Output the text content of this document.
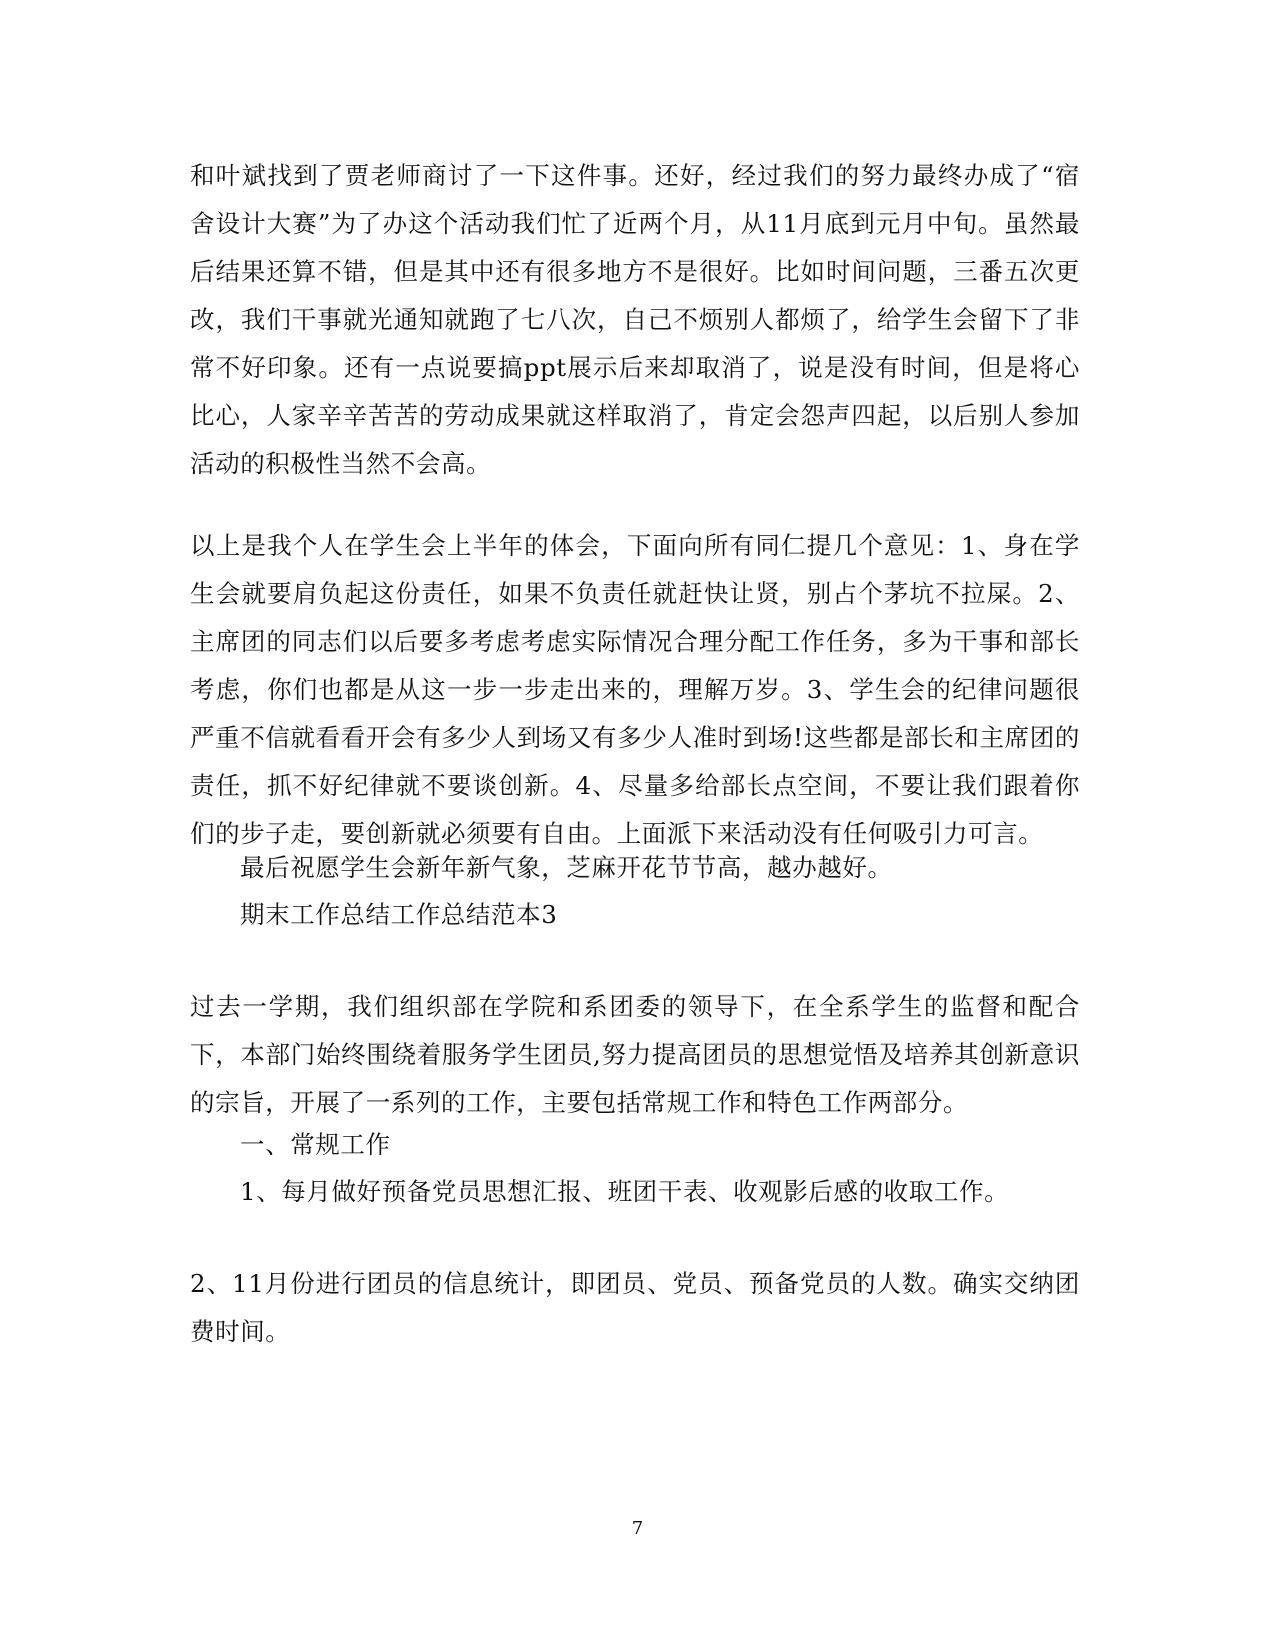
和叶斌找到了贾老师商讨了一下这件事。还好，经过我们的努力最终办成了“宿舍设计大赛”为了办这个活动我们忙了近两个月，从11月底到元月中旬。虽然最后结果还算不错，但是其中还有很多地方不是很好。比如时间问题，三番五次更改，我们干事就光通知就跑了七八次，自己不烦别人都烦了，给学生会留下了非常不好印象。还有一点说要搞ppt展示后来却取消了，说是没有时间，但是将心比心，人家辛辛苦苦的劳动成果就这样取消了，肯定会怨声四起，以后别人参加活动的积极性当然不会高。

以上是我个人在学生会上半年的体会，下面向所有同仁提几个意见：1、身在学生会就要肩负起这份责任，如果不负责任就赶快让贤，别占个茅坑不拉屎。2、主席团的同志们以后要多考虑考虑实际情况合理分配工作任务，多为干事和部长考虑，你们也都是从这一步一步走出来的，理解万岁。3、学生会的纪律问题很严重不信就看看开会有多少人到场又有多少人准时到场!这些都是部长和主席团的责任，抓不好纪律就不要谈创新。4、尽量多给部长点空间，不要让我们跟着你们的步子走，要创新就必须要有自由。上面派下来活动没有任何吸引力可言。

最后祝愿学生会新年新气象，芝麻开花节节高，越办越好。

期末工作总结工作总结范本3

过去一学期，我们组织部在学院和系团委的领导下，在全系学生的监督和配合下，本部门始终围绕着服务学生团员,努力提高团员的思想觉悟及培养其创新意识的宗旨，开展了一系列的工作，主要包括常规工作和特色工作两部分。

一、常规工作

1、每月做好预备党员思想汇报、班团干表、收观影后感的收取工作。

2、11月份进行团员的信息统计，即团员、党员、预备党员的人数。确实交纳团费时间。

7
